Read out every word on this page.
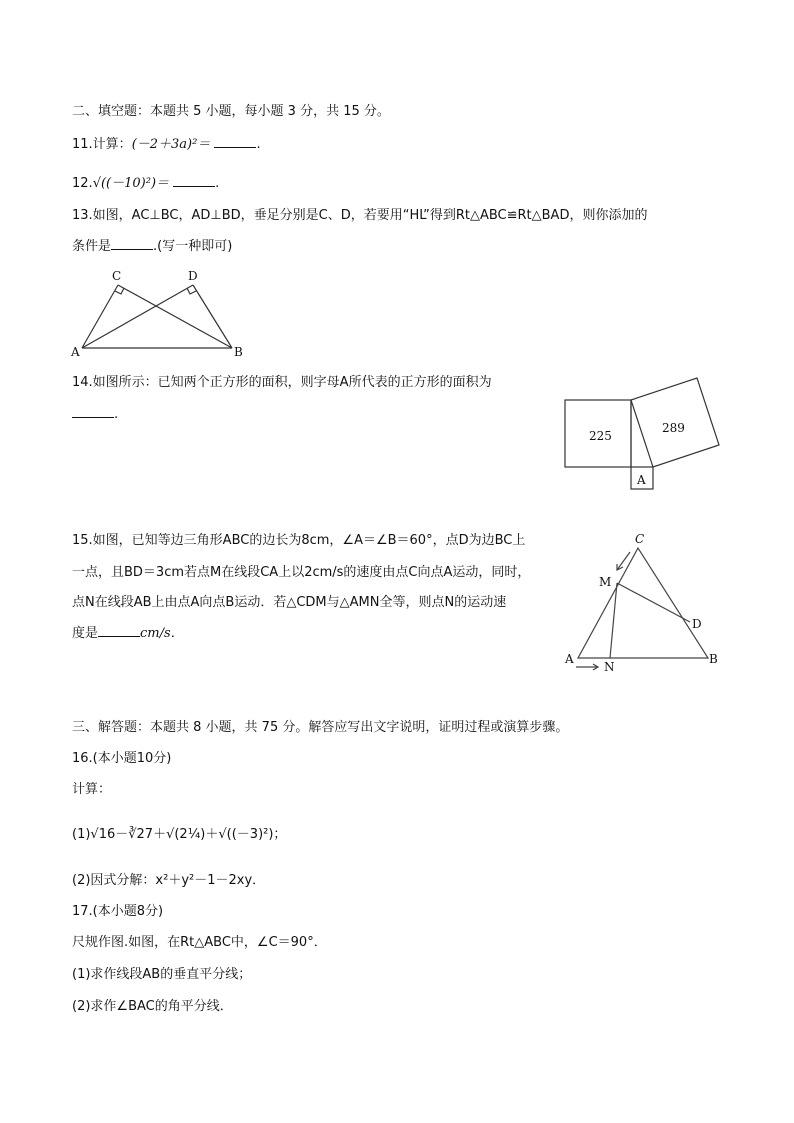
二、填空题：本题共 5 小题，每小题 3 分，共 15 分。
11.计算：(－2＋3a)²＝	.
12.√((－10)²)＝	.
13.如图，AC⊥BC，AD⊥BD，垂足分别是C、D，若要用“HL”得到Rt△ABC≌Rt△BAD，则你添加的
条件是	.(写一种即可)
14.如图所示：已知两个正方形的面积，则字母A所代表的正方形的面积为
.
15.如图，已知等边三角形ABC的边长为8cm，∠A＝∠B＝60°，点D为边BC上
一点，且BD＝3cm若点M在线段CA上以2cm/s的速度由点C向点A运动，同时，
点N在线段AB上由点A向点B运动．若△CDM与△AMN全等，则点N的运动速
度是	cm/s．
三、解答题：本题共 8 小题，共 75 分。解答应写出文字说明，证明过程或演算步骤。
16.(本小题10分)
计算：
(1)√16－∛27＋√(2¼)＋√((－3)²)；
(2)因式分解：x²＋y²－1－2xy．
17.(本小题8分)
尺规作图.如图，在Rt△ABC中，∠C＝90°．
(1)求作线段AB的垂直平分线；
(2)求作∠BAC的角平分线．
C	D
A	B
225
289
A
C
M
D
A
N
B
